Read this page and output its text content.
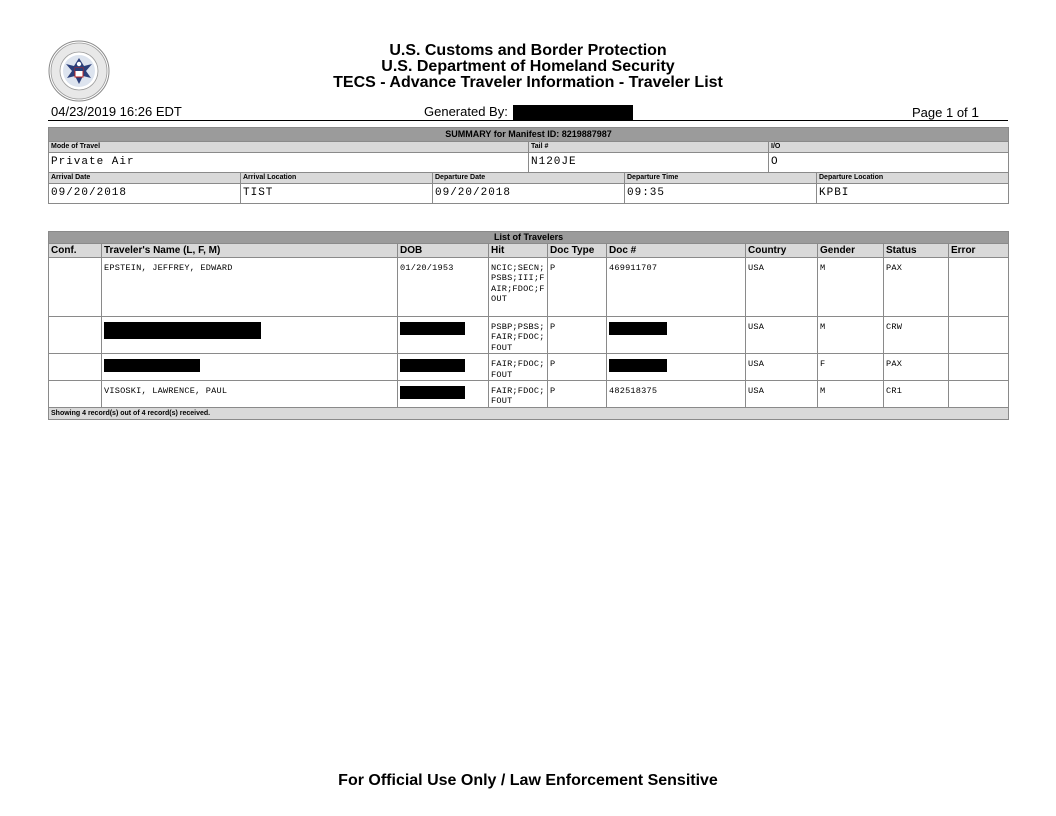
U.S. Customs and Border Protection
U.S. Department of Homeland Security
TECS - Advance Traveler Information - Traveler List
04/23/2019 16:26 EDT	Generated By:	Page 1 of 1
SUMMARY for Manifest ID: 8219887987						
Mode of Travel			Tail #		I/O	
Private Air			N120JE		O	
Arrival Date	Arrival Location	Departure Date		Departure Time		Departure Location
09/20/2018	TIST	09/20/2018		09:35		KPBI
List of Travelers									
Conf.	Traveler's Name (L, F, M)	DOB	Hit	Doc Type	Doc #	Country	Gender	Status	Error
	EPSTEIN, JEFFREY, EDWARD	01/20/1953	NCIC;SECN;PSBS;III;FAIR;FDOC;FOUT	P	469911707	USA	M	PAX	
			PSBP;PSBS;FAIR;FDOC;FOUT	P		USA	M	CRW	
			FAIR;FDOC;FOUT	P		USA	F	PAX	
	VISOSKI, LAWRENCE, PAUL		FAIR;FDOC;FOUT	P	482518375	USA	M	CR1	
Showing 4 record(s) out of 4 record(s) received.									
For Official Use Only / Law Enforcement Sensitive
